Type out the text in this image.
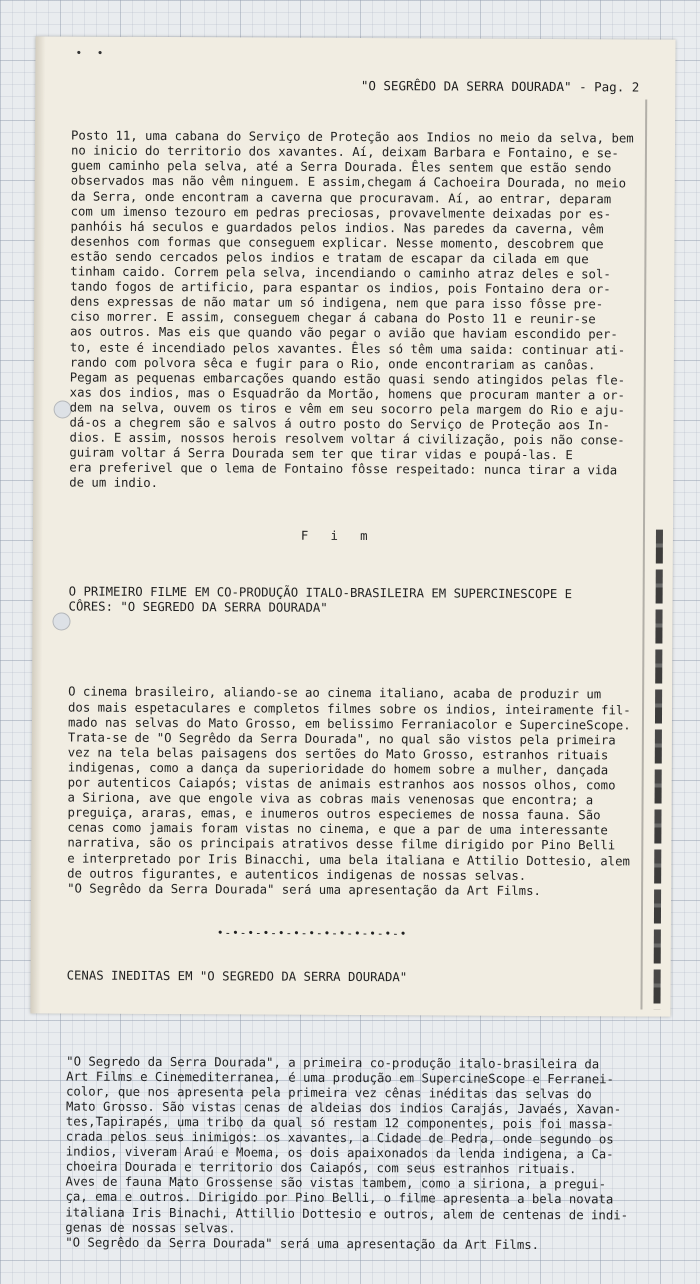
• •
"O SEGRÊDO DA SERRA DOURADA" - Pag. 2

Posto 11, uma cabana do Serviço de Proteção aos Indios no meio da selva, bem
no inicio do territorio dos xavantes. Aí, deixam Barbara e Fontaino, e se-
guem caminho pela selva, até a Serra Dourada. Êles sentem que estão sendo
observados mas não vêm ninguem. E assim,chegam á Cachoeira Dourada, no meio
da Serra, onde encontram a caverna que procuravam. Aí, ao entrar, deparam
com um imenso tezouro em pedras preciosas, provavelmente deixadas por es-
panhóis há seculos e guardados pelos indios. Nas paredes da caverna, vêm
desenhos com formas que conseguem explicar. Nesse momento, descobrem que
estão sendo cercados pelos indios e tratam de escapar da cilada em que
tinham caido. Correm pela selva, incendiando o caminho atraz deles e sol-
tando fogos de artificio, para espantar os indios, pois Fontaino dera or-
dens expressas de não matar um só indigena, nem que para isso fôsse pre-
ciso morrer. E assim, conseguem chegar á cabana do Posto 11 e reunir-se
aos outros. Mas eis que quando vão pegar o avião que haviam escondido per-
to, este é incendiado pelos xavantes. Êles só têm uma saida: continuar ati-
rando com polvora sêca e fugir para o Rio, onde encontrariam as canôas.
Pegam as pequenas embarcações quando estão quasi sendo atingidos pelas fle-
xas dos indios, mas o Esquadrão da Mortão, homens que procuram manter a or-
dem na selva, ouvem os tiros e vêm em seu socorro pela margem do Rio e aju-
dá-os a chegrem são e salvos á outro posto do Serviço de Proteção aos In-
dios. E assim, nossos herois resolvem voltar á civilização, pois não conse-
guiram voltar á Serra Dourada sem ter que tirar vidas e poupá-las. E
era preferivel que o lema de Fontaino fôsse respeitado: nunca tirar a vida
de um indio.

F   i   m

O PRIMEIRO FILME EM CO-PRODUÇÃO ITALO-BRASILEIRA EM SUPERCINESCOPE E
CÔRES: "O SEGREDO DA SERRA DOURADA"

O cinema brasileiro, aliando-se ao cinema italiano, acaba de produzir um
dos mais espetaculares e completos filmes sobre os indios, inteiramente fil-
mado nas selvas do Mato Grosso, em belissimo Ferraniacolor e SupercineScope.
Trata-se de "O Segrêdo da Serra Dourada", no qual são vistos pela primeira
vez na tela belas paisagens dos sertões do Mato Grosso, estranhos rituais
indigenas, como a dança da superioridade do homem sobre a mulher, dançada
por autenticos Caiapós; vistas de animais estranhos aos nossos olhos, como
a Siriona, ave que engole viva as cobras mais venenosas que encontra; a
preguiça, araras, emas, e inumeros outros especiemes de nossa fauna. São
cenas como jamais foram vistas no cinema, e que a par de uma interessante
narrativa, são os principais atrativos desse filme dirigido por Pino Belli
e interpretado por Iris Binacchi, uma bela italiana e Attilio Dottesio, alem
de outros figurantes, e autenticos indigenas de nossas selvas.
"O Segrêdo da Serra Dourada" será uma apresentação da Art Films.

•-•-•-•-•-•-•-•-•-•-•-•-•

CENAS INEDITAS EM "O SEGREDO DA SERRA DOURADA"

"O Segredo da Serra Dourada", a primeira co-produção italo-brasileira da
Art Films e Cinemediterranea, é uma produção em SupercineScope e Ferranei-
color, que nos apresenta pela primeira vez cênas inéditas das selvas do
Mato Grosso. São vistas cenas de aldeias dos indios Carajás, Javaés, Xavan-
tes,Tapirapés, uma tribo da qual só restam 12 componentes, pois foi massa-
crada pelos seus inimigos: os xavantes, a Cidade de Pedra, onde segundo os
indios, viveram Araú e Moema, os dois apaixonados da lenda indigena, a Ca-
choeira Dourada e territorio dos Caiapós, com seus estranhos rituais.
Aves de fauna Mato Grossense são vistas tambem, como a siriona, a pregui-
ça, ema e outros. Dirigido por Pino Belli, o filme apresenta a bela novata
italiana Iris Binachi, Attillio Dottesio e outros, alem de centenas de indi-
genas de nossas selvas.
"O Segrêdo da Serra Dourada" será uma apresentação da Art Films.
